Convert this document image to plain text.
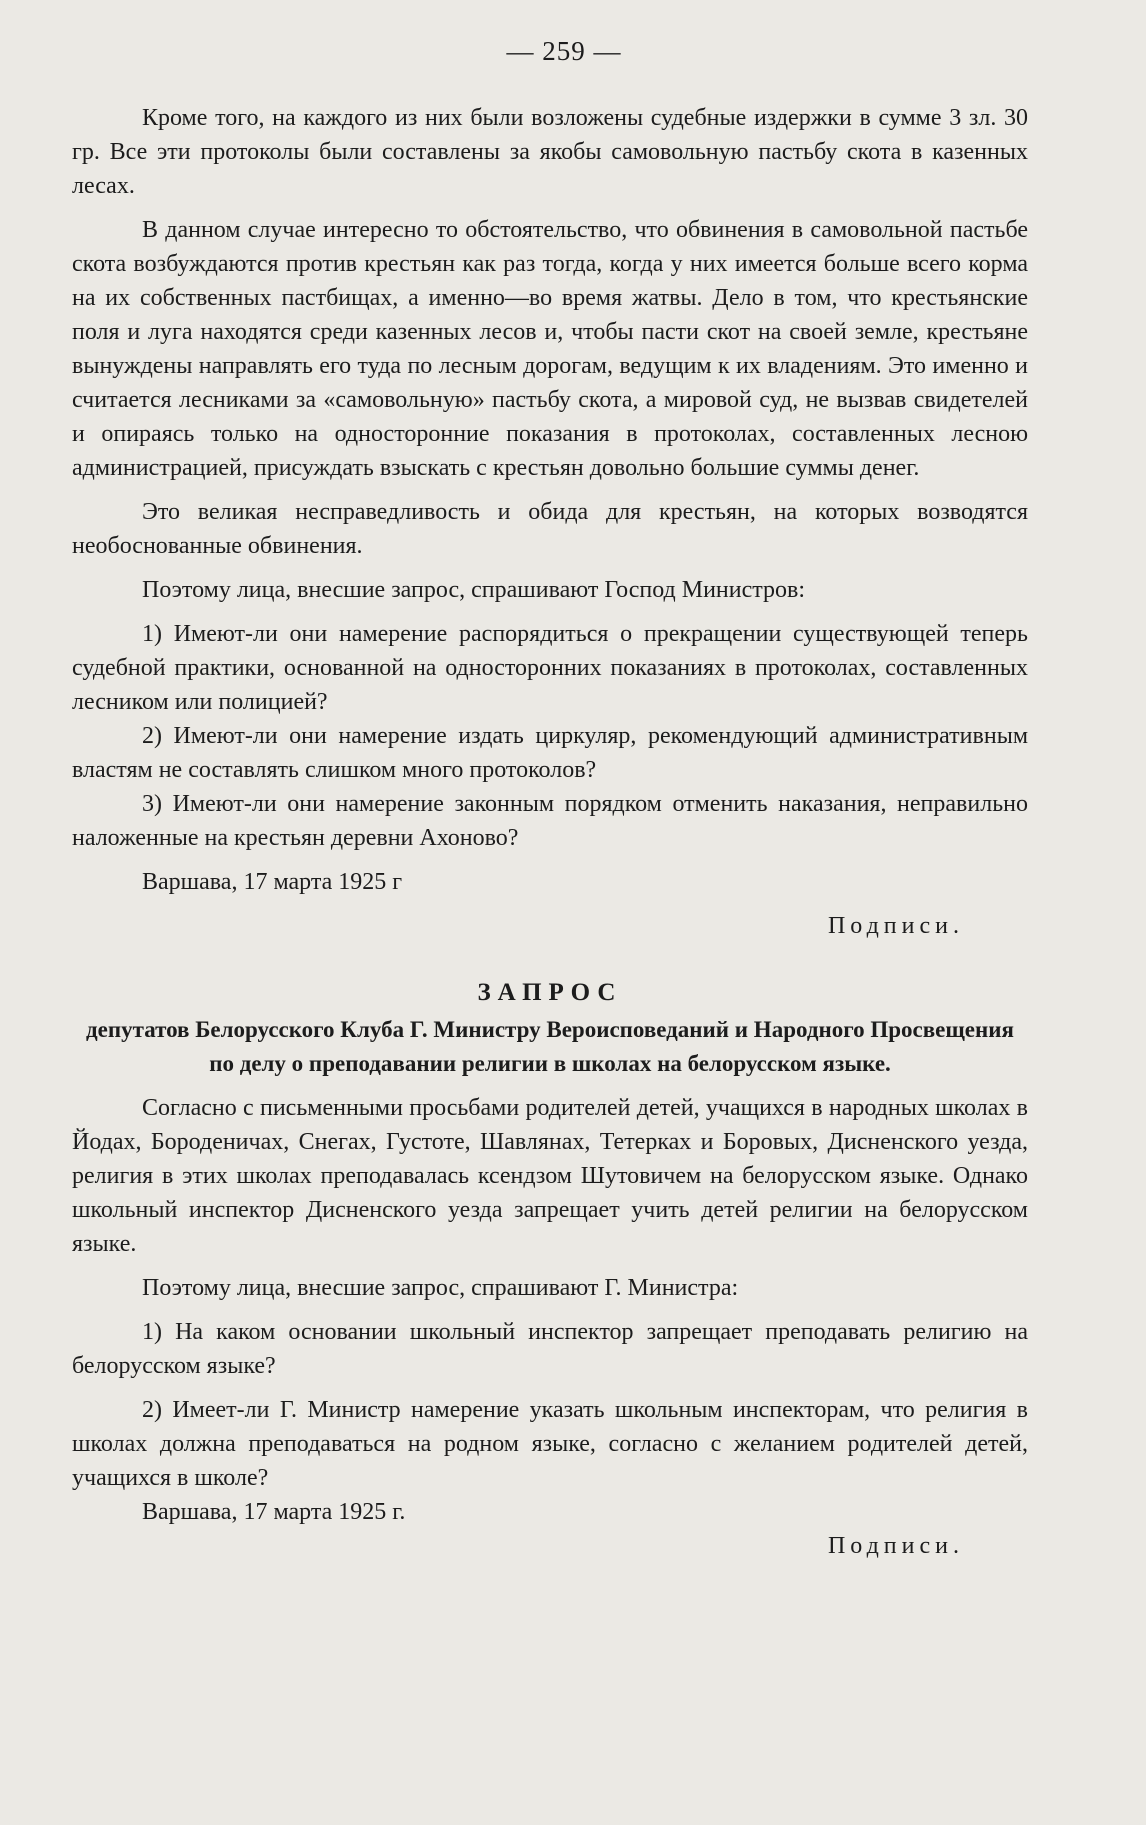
— 259 —

Кроме того, на каждого из них были возложены судебные издержки в сумме 3 зл. 30 гр. Все эти протоколы были составлены за якобы самовольную пастьбу скота в казенных лесах.

В данном случае интересно то обстоятельство, что обвинения в самовольной пастьбе скота возбуждаются против крестьян как раз тогда, когда у них имеется больше всего корма на их собственных пастбищах, а именно—во время жатвы. Дело в том, что крестьянские поля и луга находятся среди казенных лесов и, чтобы пасти скот на своей земле, крестьяне вынуждены направлять его туда по лесным дорогам, ведущим к их владениям. Это именно и считается лесниками за «самовольную» пастьбу скота, а мировой суд, не вызвав свидетелей и опираясь только на односторонние показания в протоколах, составленных лесною администрацией, присуждать взыскать с крестьян довольно большие суммы денег.

Это великая несправедливость и обида для крестьян, на которых возводятся необоснованные обвинения.

Поэтому лица, внесшие запрос, спрашивают Господ Министров:

1) Имеют-ли они намерение распорядиться о прекращении существующей теперь судебной практики, основанной на односторонних показаниях в протоколах, составленных лесником или полицией?

2) Имеют-ли они намерение издать циркуляр, рекомендующий административным властям не составлять слишком много протоколов?

3) Имеют-ли они намерение законным порядком отменить наказания, неправильно наложенные на крестьян деревни Ахоново?

Варшава, 17 марта 1925 г

Подписи.

ЗАПРОС
депутатов Белорусского Клуба Г. Министру Вероисповеданий и Народного Просвещения по делу о преподавании религии в школах на белорусском языке.

Согласно с письменными просьбами родителей детей, учащихся в народных школах в Йодах, Бороденичах, Снегах, Густоте, Шавлянах, Тетерках и Боровых, Дисненского уезда, религия в этих школах преподавалась ксендзом Шутовичем на белорусском языке. Однако школьный инспектор Дисненского уезда запрещает учить детей религии на белорусском языке.

Поэтому лица, внесшие запрос, спрашивают Г. Министра:

1) На каком основании школьный инспектор запрещает преподавать религию на белорусском языке?

2) Имеет-ли Г. Министр намерение указать школьным инспекторам, что религия в школах должна преподаваться на родном языке, согласно с желанием родителей детей, учащихся в школе?

Варшава, 17 марта 1925 г.

Подписи.
